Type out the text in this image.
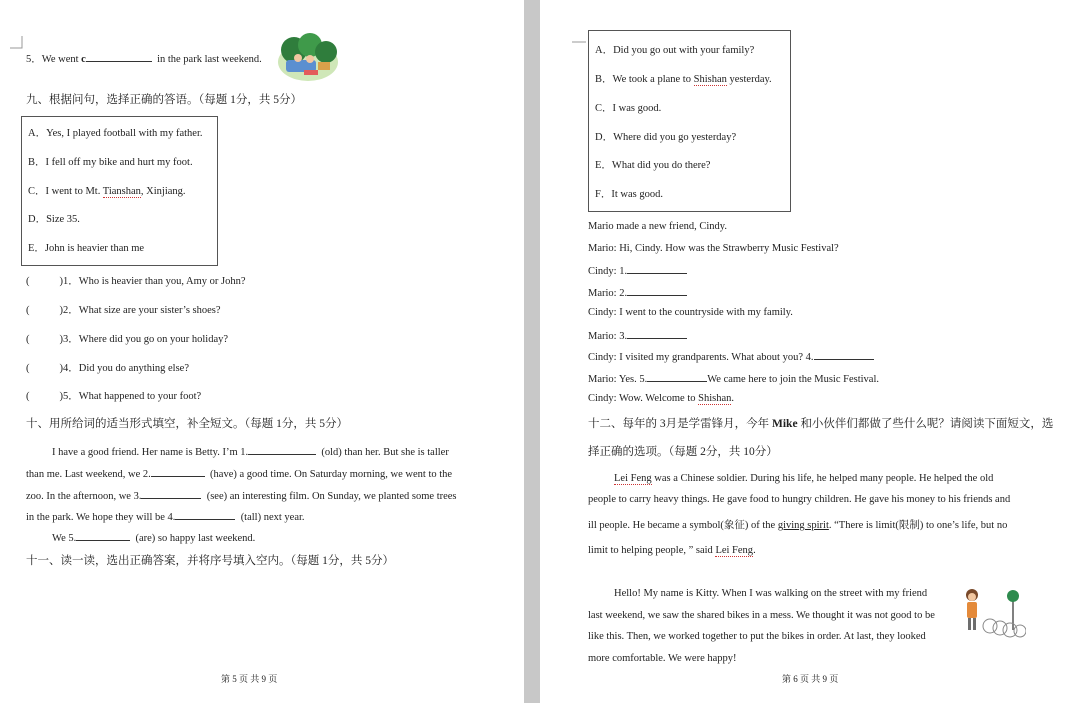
5．We went c	in the park last weekend.
九、根据问句，选择正确的答语。（每题 1分，共 5分）
A．Yes, I played football with my father.
B．I fell off my bike and hurt my foot.
C．I went to Mt. Tianshan, Xinjiang.
D．Size 35.
E．John is heavier than me
(	)1．Who is heavier than you, Amy or John?
(	)2．What size are your sister’s shoes?
(	)3．Where did you go on your holiday?
(	)4．Did you do anything else?
(	)5．What happened to your foot?
十、用所给词的适当形式填空，补全短文。（每题 1分，共 5分）
I have a good friend. Her name is Betty. I’m 1.	(old) than her. But she is taller
than me. Last weekend, we 2.	(have) a good time. On Saturday morning, we went to the
zoo. In the afternoon, we 3.	(see) an interesting film. On Sunday, we planted some trees
in the park. We hope they will be 4.	(tall) next year.
We 5.	(are) so happy last weekend.
十一、读一读，选出正确答案，并将序号填入空内。（每题 1分，共 5分）
第 5 页 共 9 页
A．Did you go out with your family?
B．We took a plane to Shishan yesterday.
C．I was good.
D．Where did you go yesterday?
E．What did you do there?
F．It was good.
Mario made a new friend, Cindy.
Mario: Hi, Cindy. How was the Strawberry Music Festival?
Cindy: 1.
Mario: 2.
Cindy: I went to the countryside with my family.
Mario: 3.
Cindy: I visited my grandparents. What about you? 4.
Mario: Yes. 5.	We came here to join the Music Festival.
Cindy: Wow. Welcome to Shishan.
十二、每年的 3月是学雷锋月，今年 Mike 和小伙伴们都做了些什么呢？请阅读下面短文，选
择正确的选项。（每题 2分，共 10分）
Lei Feng was a Chinese soldier. During his life, he helped many people. He helped the old
people to carry heavy things. He gave food to hungry children. He gave his money to his friends and
ill people. He became a symbol(象征) of the giving spirit. “There is limit(限制) to one’s life, but no
limit to helping people, ” said Lei Feng.
Hello! My name is Kitty. When I was walking on the street with my friend
last weekend, we saw the shared bikes in a mess. We thought it was not good to be
like this. Then, we worked together to put the bikes in order. At last, they looked
more comfortable. We were happy!
第 6 页 共 9 页
